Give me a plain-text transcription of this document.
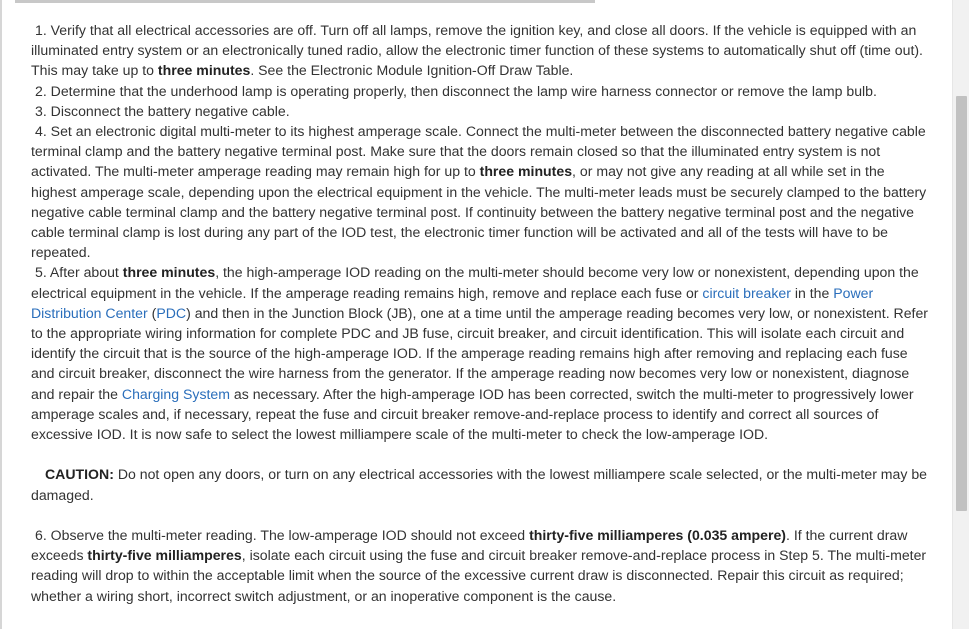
1. Verify that all electrical accessories are off. Turn off all lamps, remove the ignition key, and close all doors. If the vehicle is equipped with an illuminated entry system or an electronically tuned radio, allow the electronic timer function of these systems to automatically shut off (time out). This may take up to three minutes. See the Electronic Module Ignition-Off Draw Table.

2. Determine that the underhood lamp is operating properly, then disconnect the lamp wire harness connector or remove the lamp bulb.

3. Disconnect the battery negative cable.

4. Set an electronic digital multi-meter to its highest amperage scale. Connect the multi-meter between the disconnected battery negative cable terminal clamp and the battery negative terminal post. Make sure that the doors remain closed so that the illuminated entry system is not activated. The multi-meter amperage reading may remain high for up to three minutes, or may not give any reading at all while set in the highest amperage scale, depending upon the electrical equipment in the vehicle. The multi-meter leads must be securely clamped to the battery negative cable terminal clamp and the battery negative terminal post. If continuity between the battery negative terminal post and the negative cable terminal clamp is lost during any part of the IOD test, the electronic timer function will be activated and all of the tests will have to be repeated.

5. After about three minutes, the high-amperage IOD reading on the multi-meter should become very low or nonexistent, depending upon the electrical equipment in the vehicle. If the amperage reading remains high, remove and replace each fuse or circuit breaker in the Power Distribution Center (PDC) and then in the Junction Block (JB), one at a time until the amperage reading becomes very low, or nonexistent. Refer to the appropriate wiring information for complete PDC and JB fuse, circuit breaker, and circuit identification. This will isolate each circuit and identify the circuit that is the source of the high-amperage IOD. If the amperage reading remains high after removing and replacing each fuse and circuit breaker, disconnect the wire harness from the generator. If the amperage reading now becomes very low or nonexistent, diagnose and repair the Charging System as necessary. After the high-amperage IOD has been corrected, switch the multi-meter to progressively lower amperage scales and, if necessary, repeat the fuse and circuit breaker remove-and-replace process to identify and correct all sources of excessive IOD. It is now safe to select the lowest milliampere scale of the multi-meter to check the low-amperage IOD.

CAUTION: Do not open any doors, or turn on any electrical accessories with the lowest milliampere scale selected, or the multi-meter may be damaged.

6. Observe the multi-meter reading. The low-amperage IOD should not exceed thirty-five milliamperes (0.035 ampere). If the current draw exceeds thirty-five milliamperes, isolate each circuit using the fuse and circuit breaker remove-and-replace process in Step 5. The multi-meter reading will drop to within the acceptable limit when the source of the excessive current draw is disconnected. Repair this circuit as required; whether a wiring short, incorrect switch adjustment, or an inoperative component is the cause.
